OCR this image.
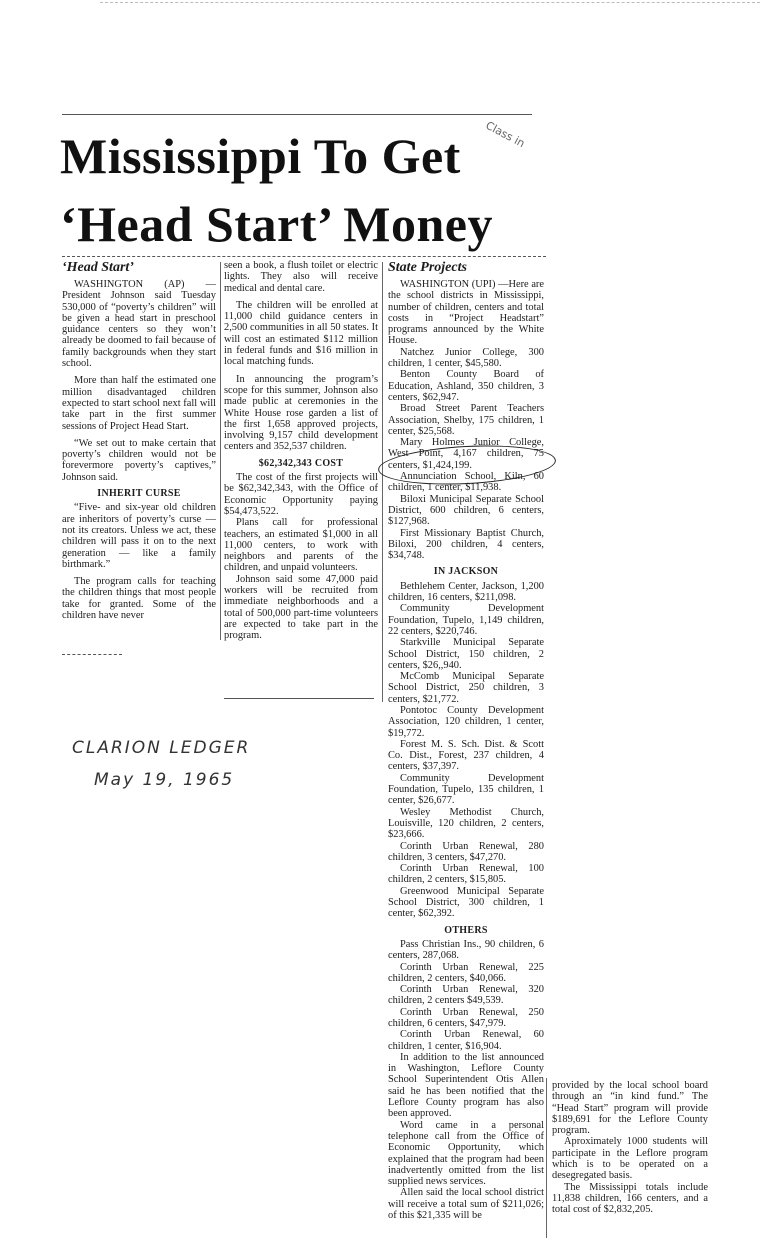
Class in
Mississippi To Get
‘Head Start’ Money

‘Head Start’

WASHINGTON (AP) — President Johnson said Tuesday 530,000 of “poverty’s children” will be given a head start in preschool guidance centers so they won’t already be doomed to fail because of family backgrounds when they start school.

More than half the estimated one million disadvantaged children expected to start school next fall will take part in the first summer sessions of Project Head Start.

“We set out to make certain that poverty’s children would not be forevermore poverty’s captives,” Johnson said.

INHERIT CURSE

“Five- and six-year old children are inheritors of poverty’s curse — not its creators. Unless we act, these children will pass it on to the next generation — like a family birthmark.”

The program calls for teaching the children things that most people take for granted. Some of the children have never

seen a book, a flush toilet or electric lights. They also will receive medical and dental care.

The children will be enrolled at 11,000 child guidance centers in 2,500 communities in all 50 states. It will cost an estimated $112 million in federal funds and $16 million in local matching funds.

In announcing the program’s scope for this summer, Johnson also made public at ceremonies in the White House rose garden a list of the first 1,658 approved projects, involving 9,157 child development centers and 352,537 children.

$62,342,343 COST

The cost of the first projects will be $62,342,343, with the Office of Economic Opportunity paying $54,473,522.

Plans call for professional teachers, an estimated $1,000 in all 11,000 centers, to work with neighbors and parents of the children, and unpaid volunteers.

Johnson said some 47,000 paid workers will be recruited from immediate neighborhoods and a total of 500,000 part-time volunteers are expected to take part in the program.

State Projects

WASHINGTON (UPI) —Here are the school districts in Mississippi, number of children, centers and total costs in “Project Headstart” programs announced by the White House.

Natchez Junior College, 300 children, 1 center, $45,580.

Benton County Board of Education, Ashland, 350 children, 3 centers, $62,947.

Broad Street Parent Teachers Association, Shelby, 175 children, 1 center, $25,568.

Mary Holmes Junior College, West Point, 4,167 children, 75 centers, $1,424,199.

Annunciation School, Kiln, 60 children, 1 center, $11,938.

Biloxi Municipal Separate School District, 600 children, 6 centers, $127,968.

First Missionary Baptist Church, Biloxi, 200 children, 4 centers, $34,748.

IN JACKSON

Bethlehem Center, Jackson, 1,200 children, 16 centers, $211,098.

Community Development Foundation, Tupelo, 1,149 children, 22 centers, $220,746.

Starkville Municipal Separate School District, 150 children, 2 centers, $26,,940.

McComb Municipal Separate School District, 250 children, 3 centers, $21,772.

Pontotoc County Development Association, 120 children, 1 center, $19,772.

Forest M. S. Sch. Dist. & Scott Co. Dist., Forest, 237 children, 4 centers, $37,397.

Community Development Foundation, Tupelo, 135 children, 1 center, $26,677.

Wesley Methodist Church, Louisville, 120 children, 2 centers, $23,666.

Corinth Urban Renewal, 280 children, 3 centers, $47,270.

Corinth Urban Renewal, 100 children, 2 centers, $15,805.

Greenwood Municipal Separate School District, 300 children, 1 center, $62,392.

OTHERS

Pass Christian Ins., 90 children, 6 centers, 287,068.

Corinth Urban Renewal, 225 children, 2 centers, $40,066.

Corinth Urban Renewal, 320 children, 2 centers $49,539.

Corinth Urban Renewal, 250 children, 6 centers, $47,979.

Corinth Urban Renewal, 60 children, 1 center, $16,904.

In addition to the list announced in Washington, Leflore County School Superintendent Otis Allen said he has been notified that the Leflore County program has also been approved.

Word came in a personal telephone call from the Office of Economic Opportunity, which explained that the program had been inadvertently omitted from the list supplied news services.

Allen said the local school district will receive a total sum of $211,026; of this $21,335 will be

provided by the local school board through an “in kind fund.” The “Head Start” program will provide $189,691 for the Leflore County program.

Aproximately 1000 students will participate in the Leflore program which is to be operated on a desegregated basis.

The Mississippi totals include 11,838 children, 166 centers, and a total cost of $2,832,205.

CLARION LEDGER
May 19, 1965
